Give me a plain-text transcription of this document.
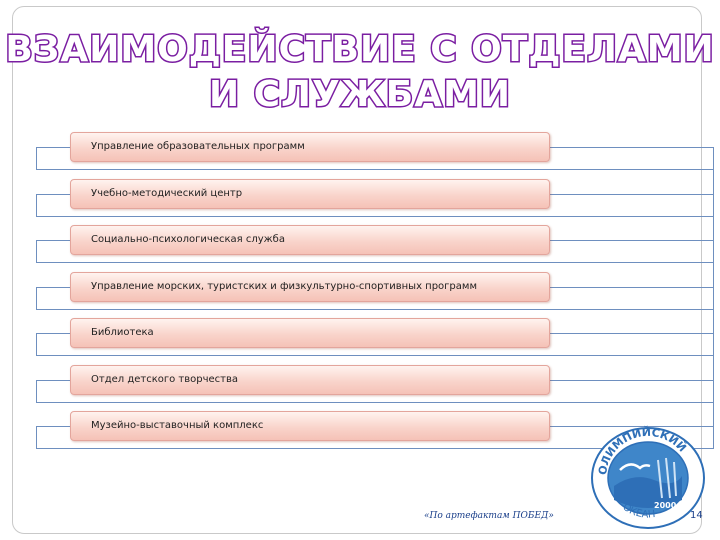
ВЗАИМОДЕЙСТВИЕ С ОТДЕЛАМИ
И СЛУЖБАМИ
Управление образовательных программ
Учебно-методический центр
Социально-психологическая служба
Управление морских, туристских и физкультурно-спортивных программ
Библиотека
Отдел детского творчества
Музейно-выставочный комплекс
ОЛИМПИЙСКИЙ
2000
ОКЕАН
«По артефактам ПОБЕД»	14
